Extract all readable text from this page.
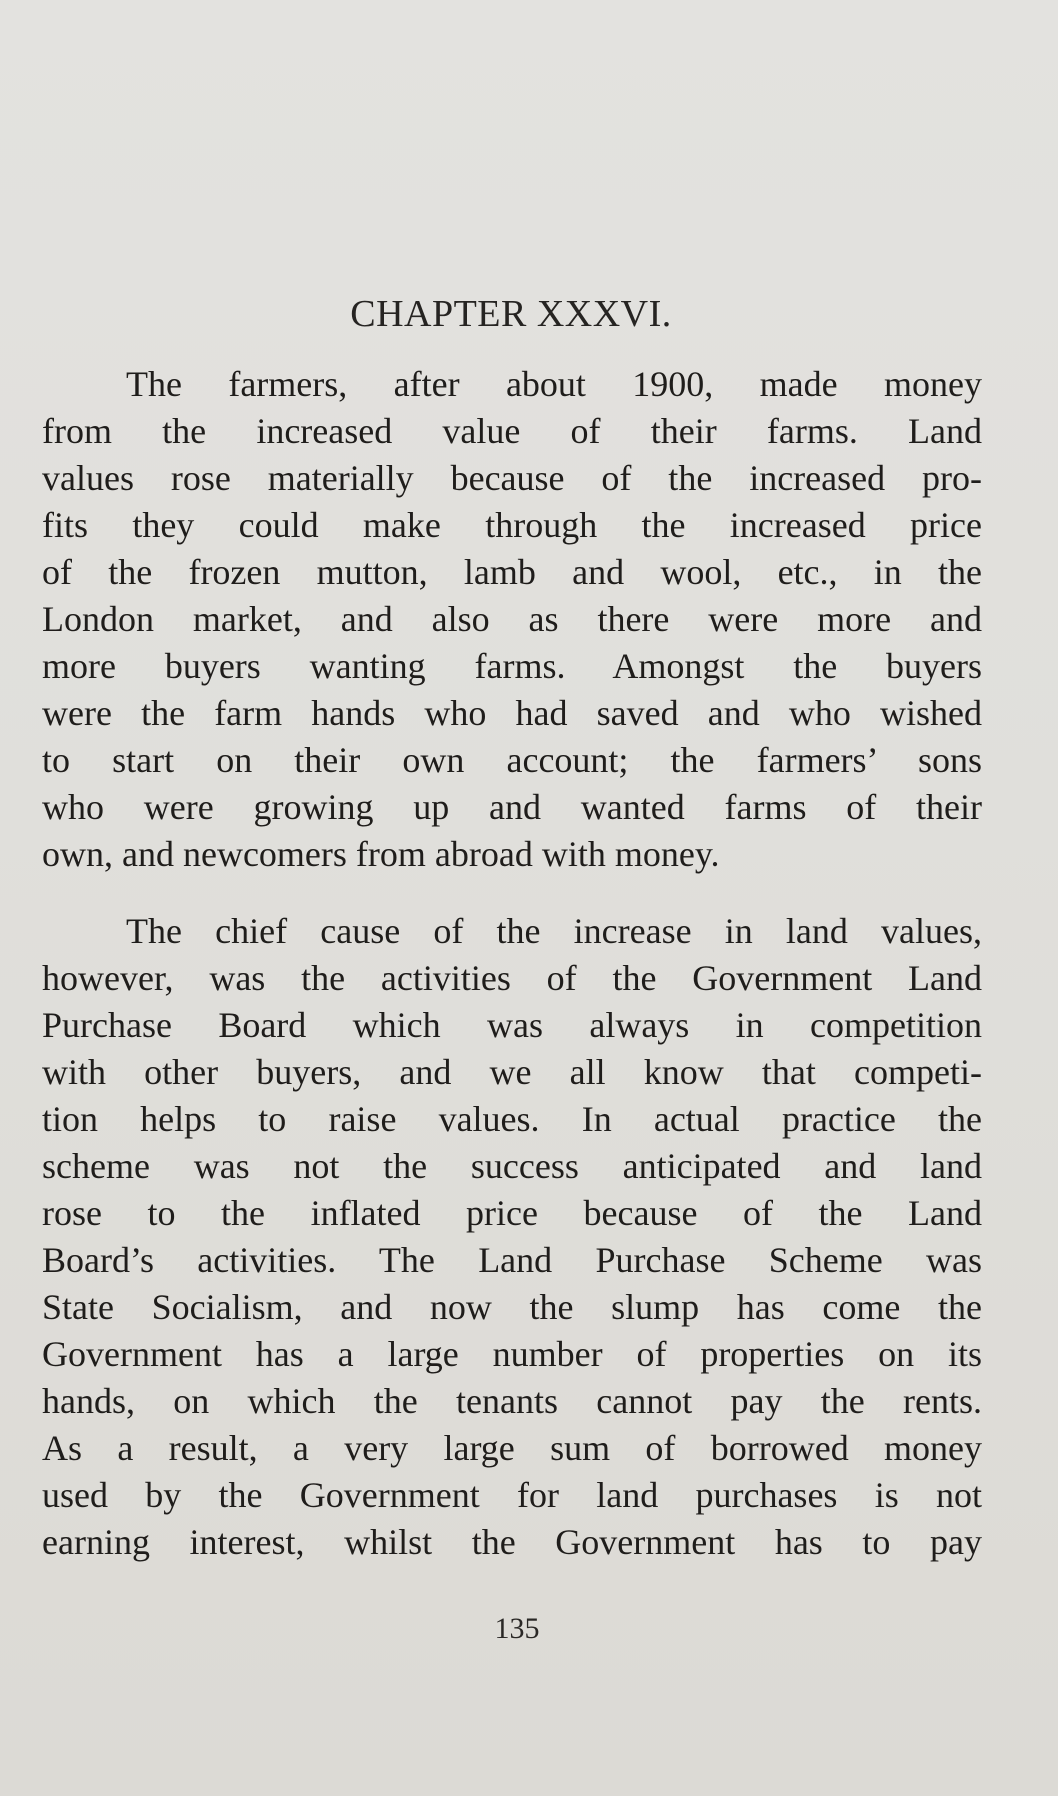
CHAPTER XXXVI.
The farmers, after about 1900, made money
from the increased value of their farms. Land
values rose materially because of the increased pro-
fits they could make through the increased price
of the frozen mutton, lamb and wool, etc., in the
London market, and also as there were more and
more buyers wanting farms. Amongst the buyers
were the farm hands who had saved and who wished
to start on their own account; the farmers’ sons
who were growing up and wanted farms of their
own, and newcomers from abroad with money.
The chief cause of the increase in land values,
however, was the activities of the Government Land
Purchase Board which was always in competition
with other buyers, and we all know that competi-
tion helps to raise values. In actual practice the
scheme was not the success anticipated and land
rose to the inflated price because of the Land
Board’s activities. The Land Purchase Scheme was
State Socialism, and now the slump has come the
Government has a large number of properties on its
hands, on which the tenants cannot pay the rents.
As a result, a very large sum of borrowed money
used by the Government for land purchases is not
earning interest, whilst the Government has to pay
135
